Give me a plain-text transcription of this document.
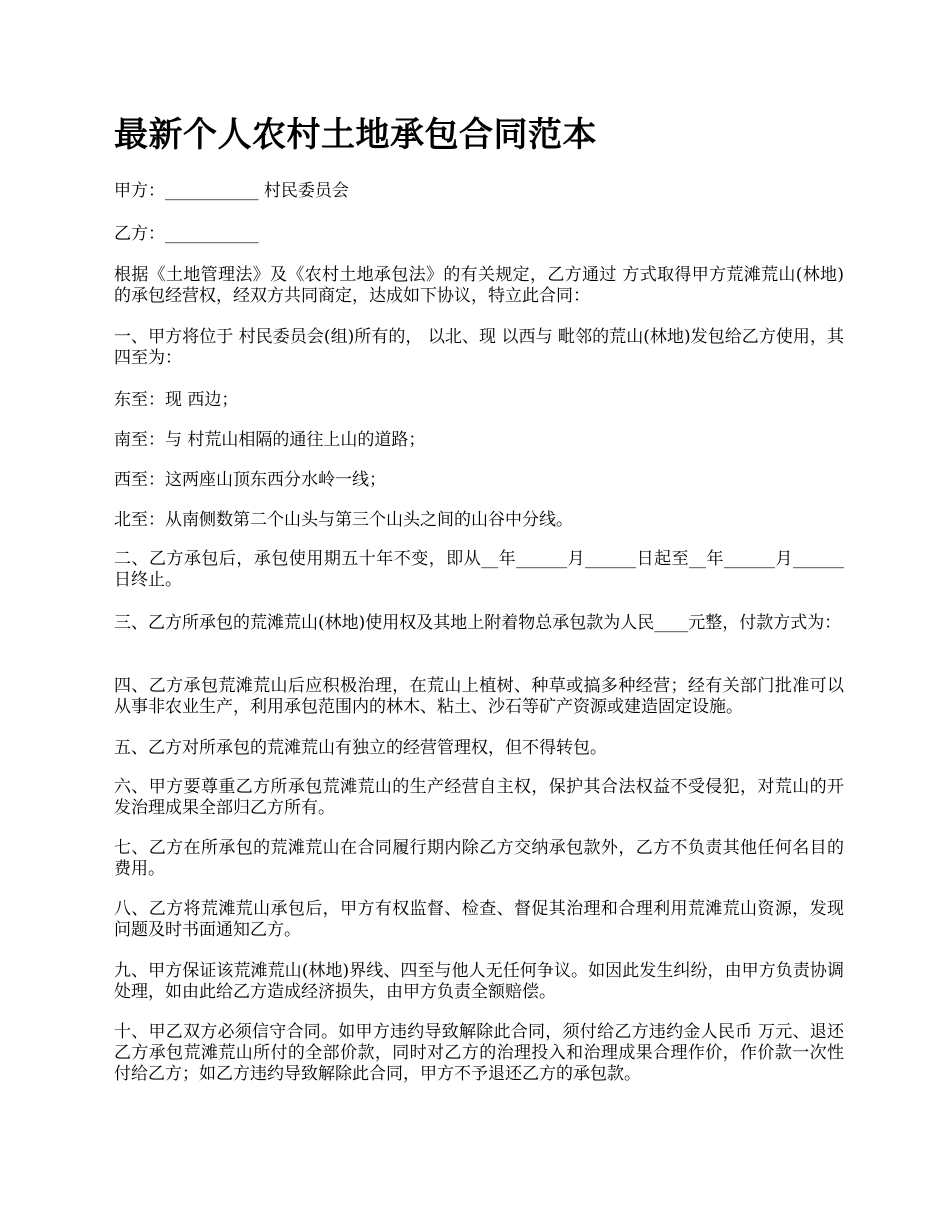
最新个人农村土地承包合同范本

甲方：___________ 村民委员会

乙方：___________

根据《土地管理法》及《农村土地承包法》的有关规定，乙方通过 方式取得甲方荒滩荒山(林地)的承包经营权，经双方共同商定，达成如下协议，特立此合同：

一、甲方将位于 村民委员会(组)所有的， 以北、现 以西与 毗邻的荒山(林地)发包给乙方使用，其四至为：

东至：现 西边；

南至：与 村荒山相隔的通往上山的道路；

西至：这两座山顶东西分水岭一线；

北至：从南侧数第二个山头与第三个山头之间的山谷中分线。

二、乙方承包后，承包使用期五十年不变，即从__年______月______日起至__年______月______日终止。

三、乙方所承包的荒滩荒山(林地)使用权及其地上附着物总承包款为人民____元整，付款方式为：

四、乙方承包荒滩荒山后应积极治理，在荒山上植树、种草或搞多种经营；经有关部门批准可以从事非农业生产，利用承包范围内的林木、粘土、沙石等矿产资源或建造固定设施。

五、乙方对所承包的荒滩荒山有独立的经营管理权，但不得转包。

六、甲方要尊重乙方所承包荒滩荒山的生产经营自主权，保护其合法权益不受侵犯，对荒山的开发治理成果全部归乙方所有。

七、乙方在所承包的荒滩荒山在合同履行期内除乙方交纳承包款外，乙方不负责其他任何名目的费用。

八、乙方将荒滩荒山承包后，甲方有权监督、检查、督促其治理和合理利用荒滩荒山资源，发现问题及时书面通知乙方。

九、甲方保证该荒滩荒山(林地)界线、四至与他人无任何争议。如因此发生纠纷，由甲方负责协调处理，如由此给乙方造成经济损失，由甲方负责全额赔偿。

十、甲乙双方必须信守合同。如甲方违约导致解除此合同，须付给乙方违约金人民币 万元、退还乙方承包荒滩荒山所付的全部价款，同时对乙方的治理投入和治理成果合理作价，作价款一次性付给乙方；如乙方违约导致解除此合同，甲方不予退还乙方的承包款。
